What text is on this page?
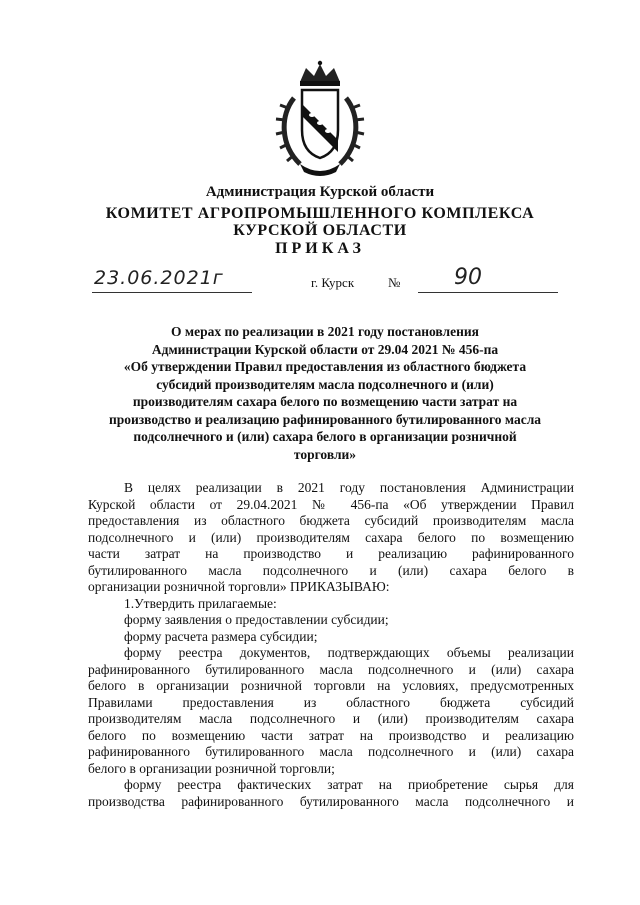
Администрация Курской области
КОМИТЕТ АГРОПРОМЫШЛЕННОГО КОМПЛЕКСА
КУРСКОЙ ОБЛАСТИ
ПРИКАЗ
23.06.2021г	г. Курск	№ 90
О мерах по реализации в 2021 году постановления
Администрации Курской области от 29.04 2021 № 456-па
«Об утверждении Правил предоставления из областного бюджета
субсидий производителям масла подсолнечного и (или)
производителям сахара белого по возмещению части затрат на
производство и реализацию рафинированного бутилированного масла
подсолнечного и (или) сахара белого в организации розничной
торговли»
В целях реализации в 2021 году постановления Администрации
Курской области от 29.04.2021 № 456-па «Об утверждении Правил
предоставления из областного бюджета субсидий производителям масла
подсолнечного и (или) производителям сахара белого по возмещению
части затрат на производство и реализацию рафинированного
бутилированного масла подсолнечного и (или) сахара белого в
организации розничной торговли» ПРИКАЗЫВАЮ:
1.Утвердить прилагаемые:
форму заявления о предоставлении субсидии;
форму расчета размера субсидии;
форму реестра документов, подтверждающих объемы реализации
рафинированного бутилированного масла подсолнечного и (или) сахара
белого в организации розничной торговли на условиях, предусмотренных
Правилами предоставления из областного бюджета субсидий
производителям масла подсолнечного и (или) производителям сахара
белого по возмещению части затрат на производство и реализацию
рафинированного бутилированного масла подсолнечного и (или) сахара
белого в организации розничной торговли;
форму реестра фактических затрат на приобретение сырья для
производства рафинированного бутилированного масла подсолнечного и
